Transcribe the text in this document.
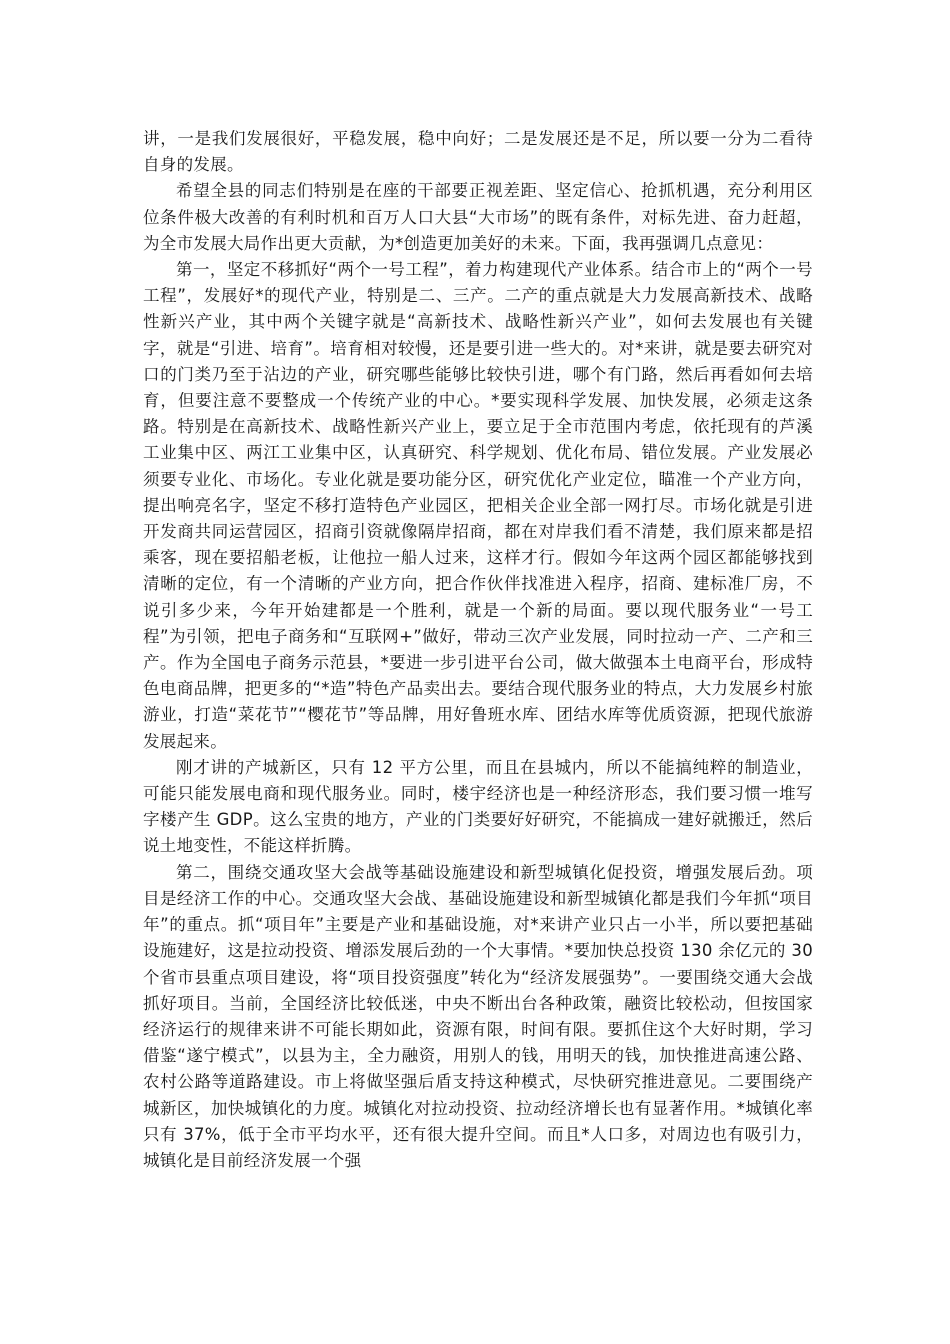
讲，一是我们发展很好，平稳发展，稳中向好；二是发展还是不足，所以要一分为二看待自身的发展。

希望全县的同志们特别是在座的干部要正视差距、坚定信心、抢抓机遇，充分利用区位条件极大改善的有利时机和百万人口大县“大市场”的既有条件，对标先进、奋力赶超，为全市发展大局作出更大贡献，为*创造更加美好的未来。下面，我再强调几点意见：

第一，坚定不移抓好“两个一号工程”，着力构建现代产业体系。结合市上的“两个一号工程”，发展好*的现代产业，特别是二、三产。二产的重点就是大力发展高新技术、战略性新兴产业，其中两个关键字就是“高新技术、战略性新兴产业”，如何去发展也有关键字，就是“引进、培育”。培育相对较慢，还是要引进一些大的。对*来讲，就是要去研究对口的门类乃至于沾边的产业，研究哪些能够比较快引进，哪个有门路，然后再看如何去培育，但要注意不要整成一个传统产业的中心。*要实现科学发展、加快发展，必须走这条路。特别是在高新技术、战略性新兴产业上，要立足于全市范围内考虑，依托现有的芦溪工业集中区、两江工业集中区，认真研究、科学规划、优化布局、错位发展。产业发展必须要专业化、市场化。专业化就是要功能分区，研究优化产业定位，瞄准一个产业方向，提出响亮名字，坚定不移打造特色产业园区，把相关企业全部一网打尽。市场化就是引进开发商共同运营园区，招商引资就像隔岸招商，都在对岸我们看不清楚，我们原来都是招乘客，现在要招船老板，让他拉一船人过来，这样才行。假如今年这两个园区都能够找到清晰的定位，有一个清晰的产业方向，把合作伙伴找准进入程序，招商、建标准厂房，不说引多少来，今年开始建都是一个胜利，就是一个新的局面。要以现代服务业“一号工程”为引领，把电子商务和“互联网+”做好，带动三次产业发展，同时拉动一产、二产和三产。作为全国电子商务示范县，*要进一步引进平台公司，做大做强本土电商平台，形成特色电商品牌，把更多的“*造”特色产品卖出去。要结合现代服务业的特点，大力发展乡村旅游业，打造“菜花节”“樱花节”等品牌，用好鲁班水库、团结水库等优质资源，把现代旅游发展起来。

刚才讲的产城新区，只有 12 平方公里，而且在县城内，所以不能搞纯粹的制造业，可能只能发展电商和现代服务业。同时，楼宇经济也是一种经济形态，我们要习惯一堆写字楼产生 GDP。这么宝贵的地方，产业的门类要好好研究，不能搞成一建好就搬迁，然后说土地变性，不能这样折腾。

第二，围绕交通攻坚大会战等基础设施建设和新型城镇化促投资，增强发展后劲。项目是经济工作的中心。交通攻坚大会战、基础设施建设和新型城镇化都是我们今年抓“项目年”的重点。抓“项目年”主要是产业和基础设施，对*来讲产业只占一小半，所以要把基础设施建好，这是拉动投资、增添发展后劲的一个大事情。*要加快总投资 130 余亿元的 30 个省市县重点项目建设，将“项目投资强度”转化为“经济发展强势”。一要围绕交通大会战抓好项目。当前，全国经济比较低迷，中央不断出台各种政策，融资比较松动，但按国家经济运行的规律来讲不可能长期如此，资源有限，时间有限。要抓住这个大好时期，学习借鉴“遂宁模式”，以县为主，全力融资，用别人的钱，用明天的钱，加快推进高速公路、农村公路等道路建设。市上将做坚强后盾支持这种模式，尽快研究推进意见。二要围绕产城新区，加快城镇化的力度。城镇化对拉动投资、拉动经济增长也有显著作用。*城镇化率只有 37%，低于全市平均水平，还有很大提升空间。而且*人口多，对周边也有吸引力，城镇化是目前经济发展一个强
